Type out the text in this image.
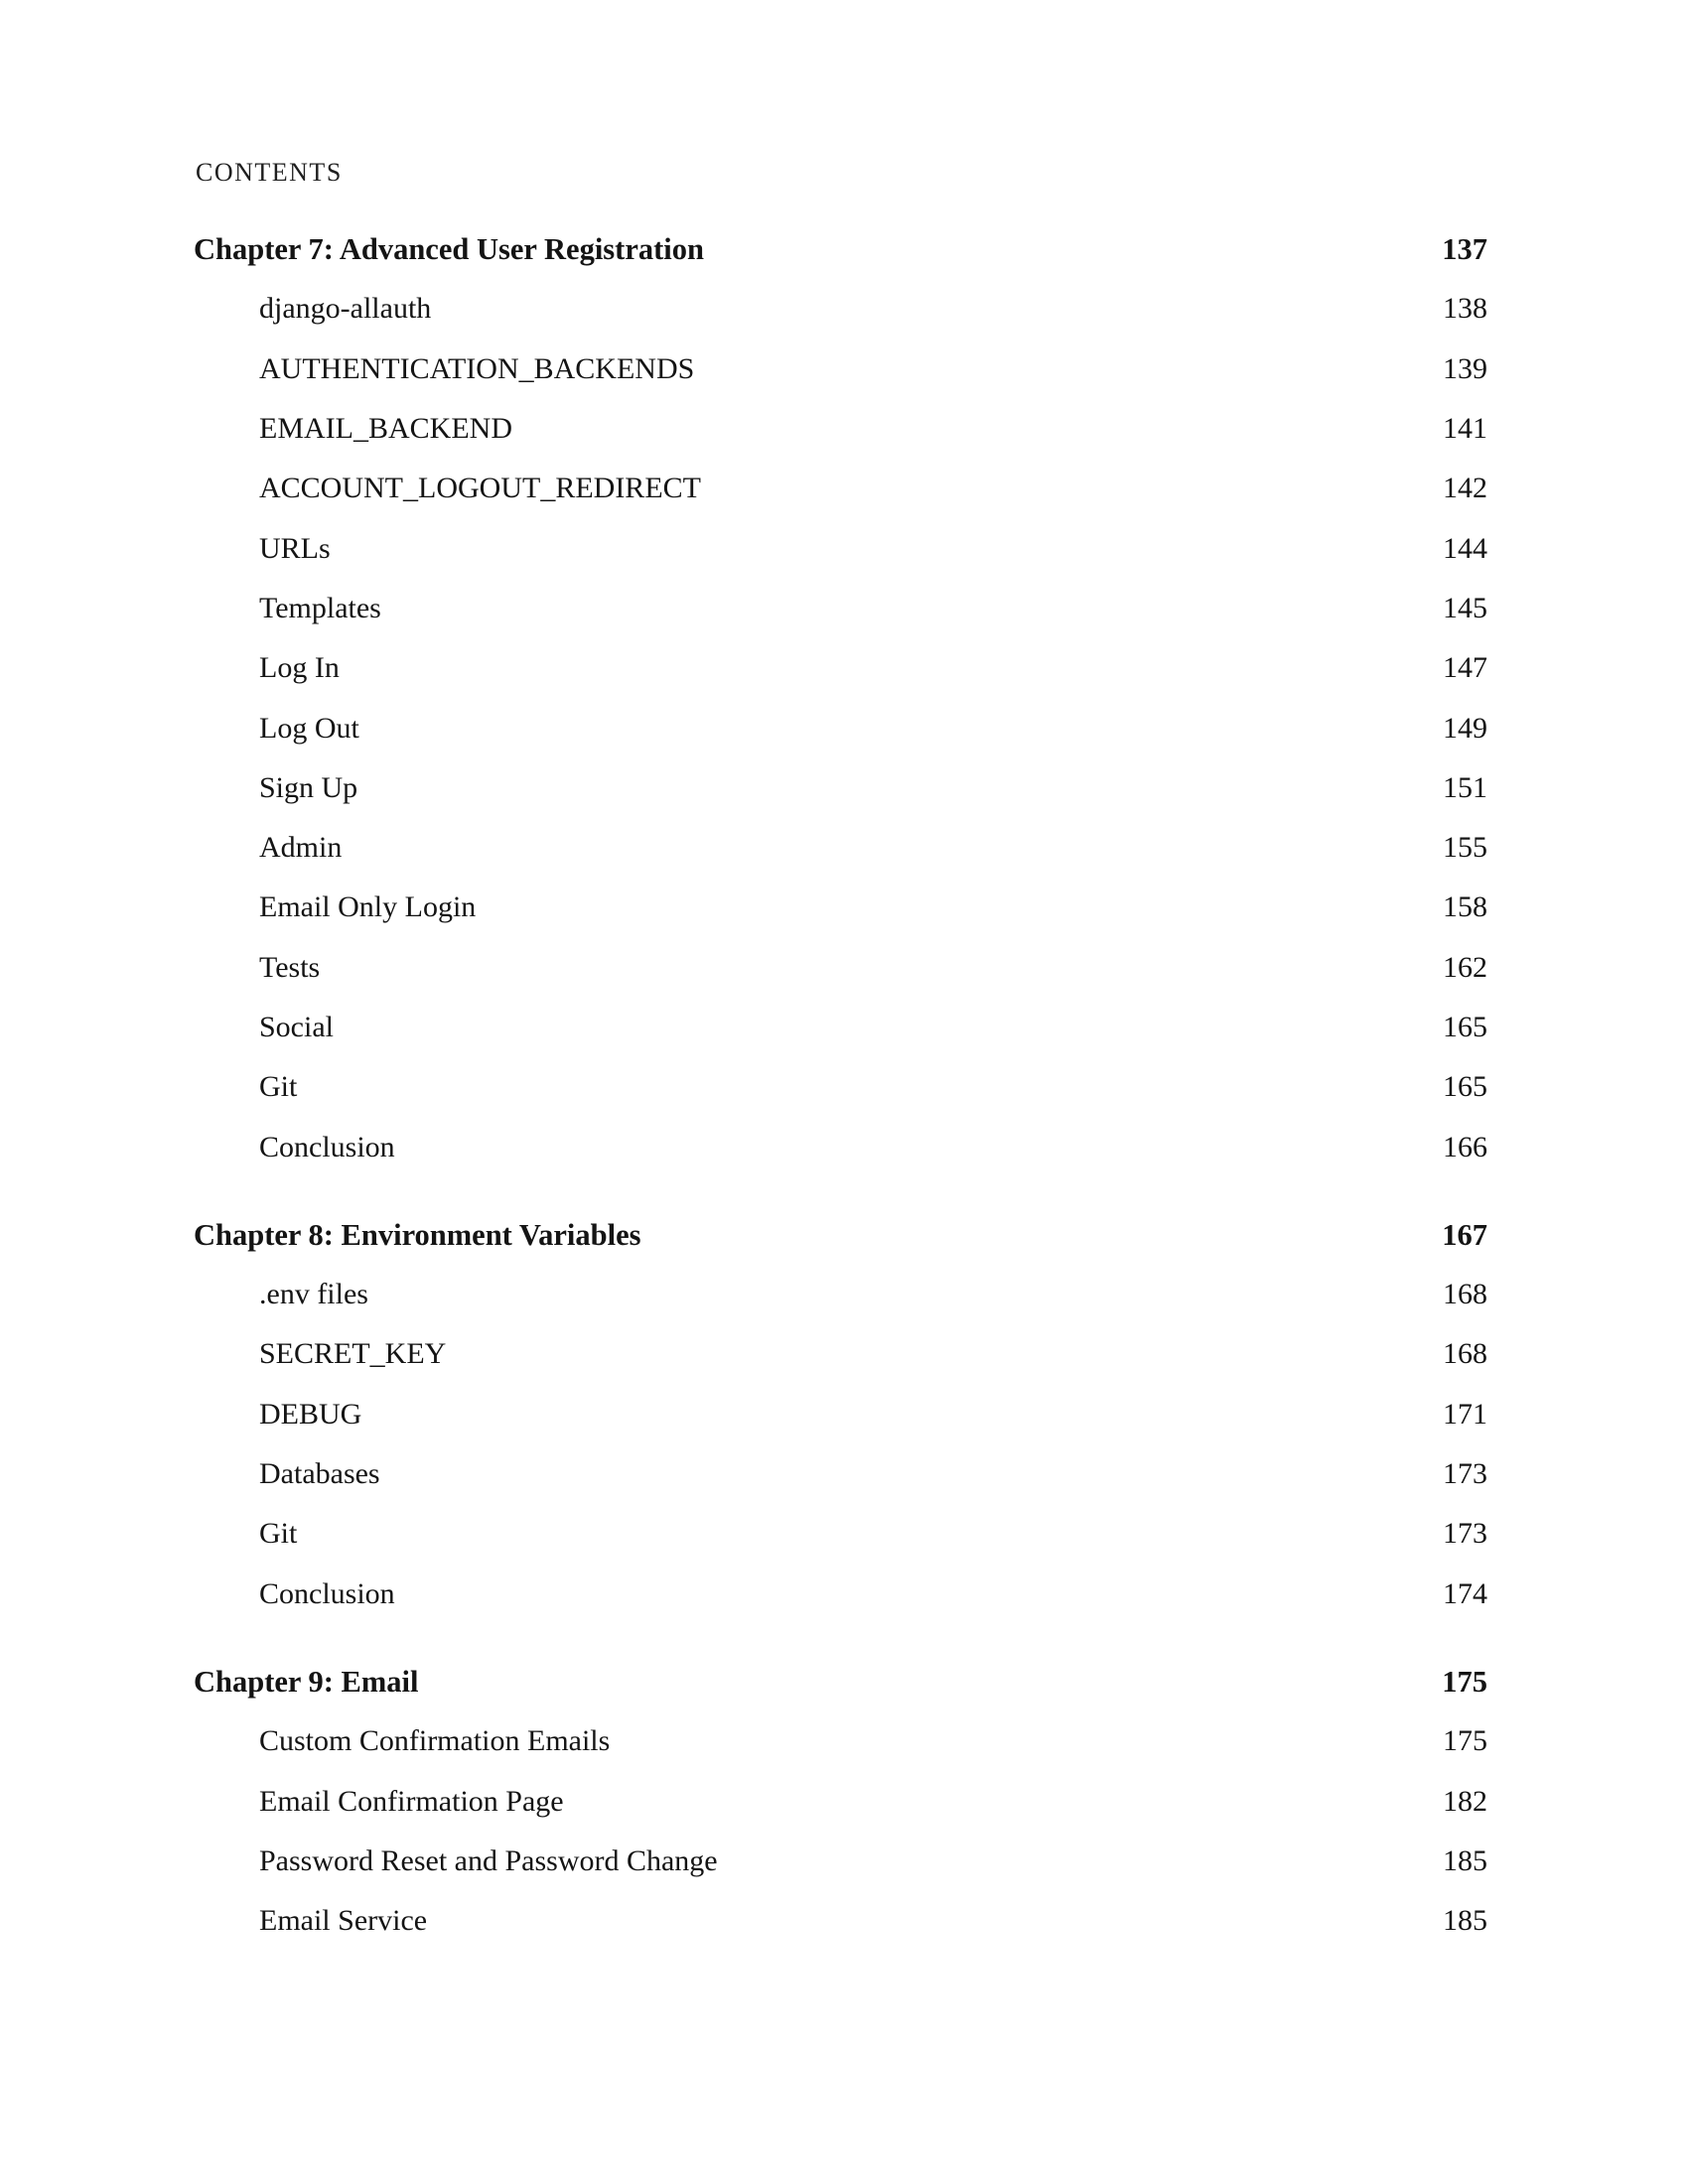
CONTENTS
Chapter 7: Advanced User Registration	137
django-allauth	138
AUTHENTICATION_BACKENDS	139
EMAIL_BACKEND	141
ACCOUNT_LOGOUT_REDIRECT	142
URLs	144
Templates	145
Log In	147
Log Out	149
Sign Up	151
Admin	155
Email Only Login	158
Tests	162
Social	165
Git	165
Conclusion	166
Chapter 8: Environment Variables	167
.env files	168
SECRET_KEY	168
DEBUG	171
Databases	173
Git	173
Conclusion	174
Chapter 9: Email	175
Custom Confirmation Emails	175
Email Confirmation Page	182
Password Reset and Password Change	185
Email Service	185
